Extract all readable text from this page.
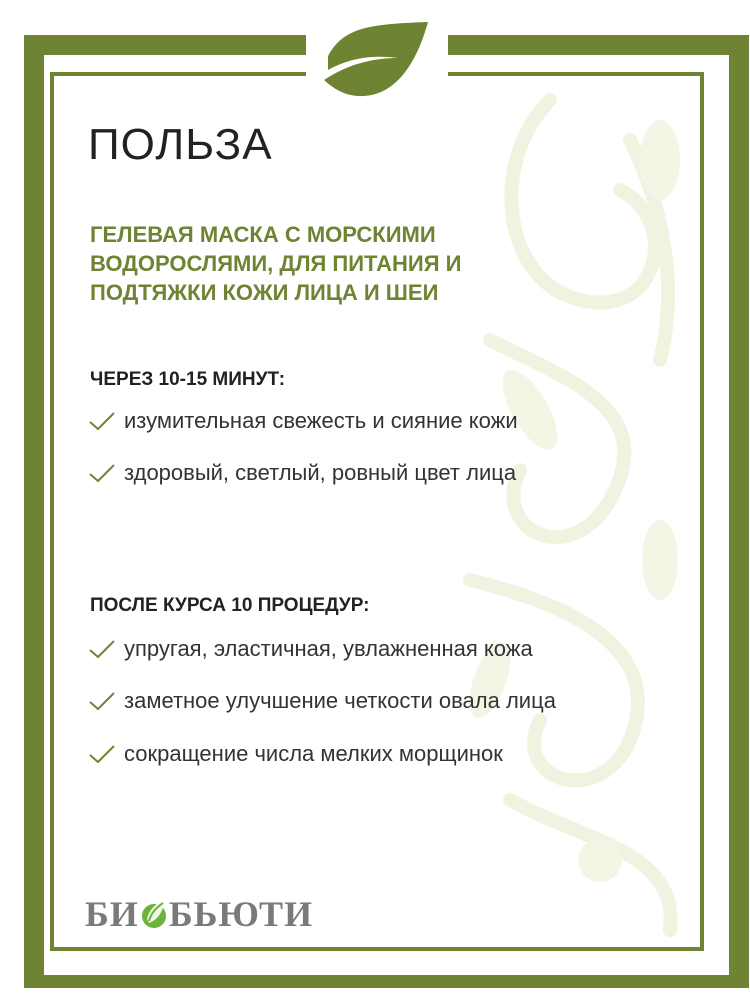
ПОЛЬЗА
ГЕЛЕВАЯ МАСКА С МОРСКИМИ
ВОДОРОСЛЯМИ, ДЛЯ ПИТАНИЯ И
ПОДТЯЖКИ КОЖИ ЛИЦА И ШЕИ
ЧЕРЕЗ 10-15 МИНУТ:
изумительная свежесть и сияние кожи
здоровый, светлый, ровный цвет лица
ПОСЛЕ КУРСА 10 ПРОЦЕДУР:
упругая, эластичная, увлажненная кожа
заметное улучшение четкости овала лица
сокращение числа мелких морщинок
БИ БЬЮТИ
